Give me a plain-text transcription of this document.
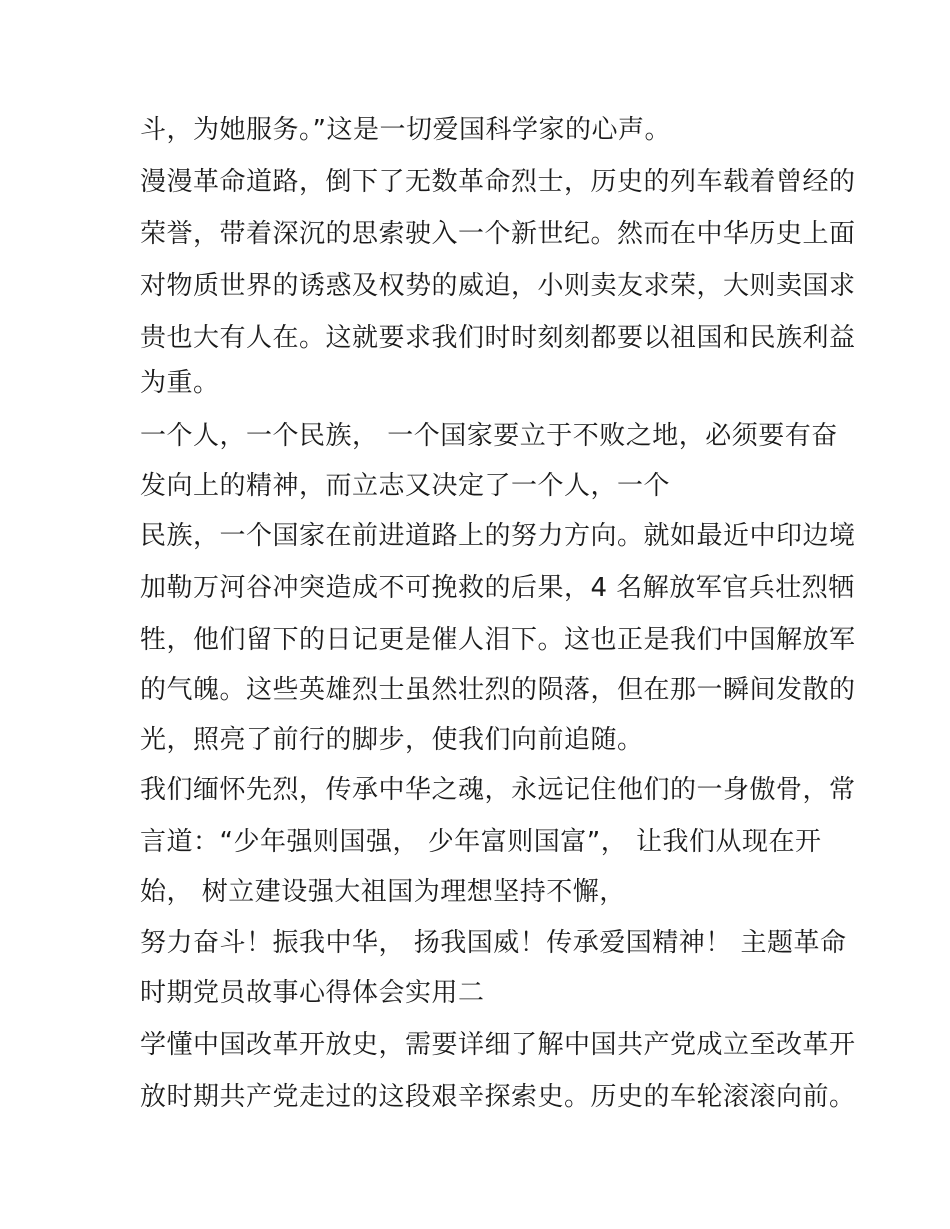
斗，为她服务。”这是一切爱国科学家的心声。
漫漫革命道路，倒下了无数革命烈士，历史的列车载着曾经的
荣誉，带着深沉的思索驶入一个新世纪。然而在中华历史上面
对物质世界的诱惑及权势的威迫，小则卖友求荣，大则卖国求
贵也大有人在。这就要求我们时时刻刻都要以祖国和民族利益
为重。
一个人，一个民族， 一个国家要立于不败之地，必须要有奋
发向上的精神，而立志又决定了一个人，一个
民族，一个国家在前进道路上的努力方向。就如最近中印边境
加勒万河谷冲突造成不可挽救的后果，4 名解放军官兵壮烈牺
牲，他们留下的日记更是催人泪下。这也正是我们中国解放军
的气魄。这些英雄烈士虽然壮烈的陨落，但在那一瞬间发散的
光，照亮了前行的脚步，使我们向前追随。
我们缅怀先烈，传承中华之魂，永远记住他们的一身傲骨，常
言道：“少年强则国强， 少年富则国富”， 让我们从现在开
始， 树立建设强大祖国为理想坚持不懈，
努力奋斗！振我中华， 扬我国威！传承爱国精神！ 主题革命
时期党员故事心得体会实用二
学懂中国改革开放史，需要详细了解中国共产党成立至改革开
放时期共产党走过的这段艰辛探索史。历史的车轮滚滚向前。
